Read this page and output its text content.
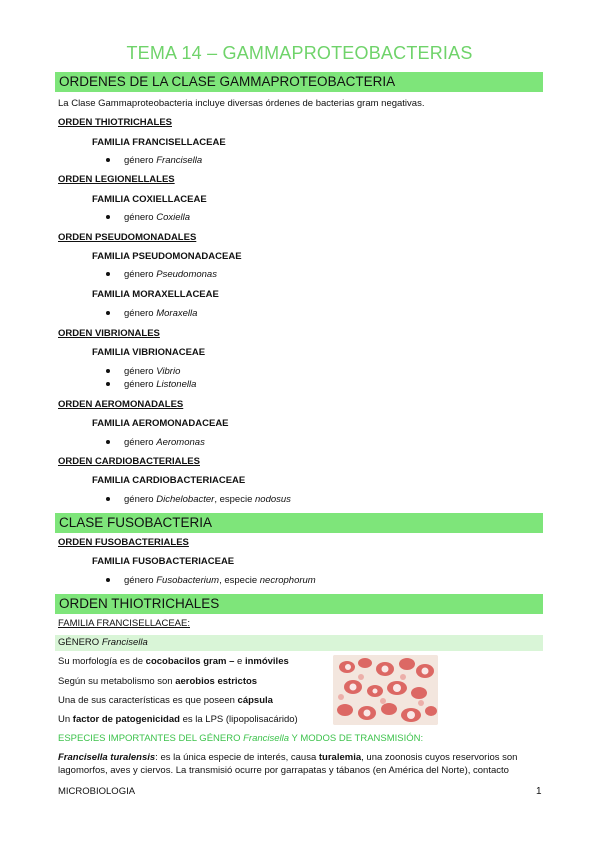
TEMA 14 – GAMMAPROTEOBACTERIAS
ORDENES DE LA CLASE GAMMAPROTEOBACTERIA
La Clase Gammaproteobacteria incluye diversas órdenes de bacterias gram negativas.
ORDEN THIOTRICHALES
FAMILIA FRANCISELLACEAE
género Francisella
ORDEN LEGIONELLALES
FAMILIA COXIELLACEAE
género Coxiella
ORDEN PSEUDOMONADALES
FAMILIA PSEUDOMONADACEAE
género Pseudomonas
FAMILIA MORAXELLACEAE
género Moraxella
ORDEN VIBRIONALES
FAMILIA VIBRIONACEAE
género Vibrio
género Listonella
ORDEN AEROMONADALES
FAMILIA AEROMONADACEAE
género Aeromonas
ORDEN CARDIOBACTERIALES
FAMILIA CARDIOBACTERIACEAE
género Dichelobacter, especie nodosus
CLASE FUSOBACTERIA
ORDEN FUSOBACTERIALES
FAMILIA FUSOBACTERIACEAE
género Fusobacterium, especie necrophorum
ORDEN THIOTRICHALES
FAMILIA FRANCISELLACEAE:
GÉNERO Francisella
Su morfología es de cocobacilos gram – e inmóviles
Según su metabolismo son aerobios estrictos
Una de sus características es que poseen cápsula
Un factor de patogenicidad es la LPS (lipopolisacárido)
ESPECIES IMPORTANTES DEL GÉNERO Francisella Y MODOS DE TRANSMISIÓN:
Francisella turalensis: es la única especie de interés, causa turalemia, una zoonosis cuyos reservorios son lagomorfos, aves y ciervos. La transmisió ocurre por garrapatas y tábanos (en América del Norte), contacto
MICROBIOLOGIA	1
